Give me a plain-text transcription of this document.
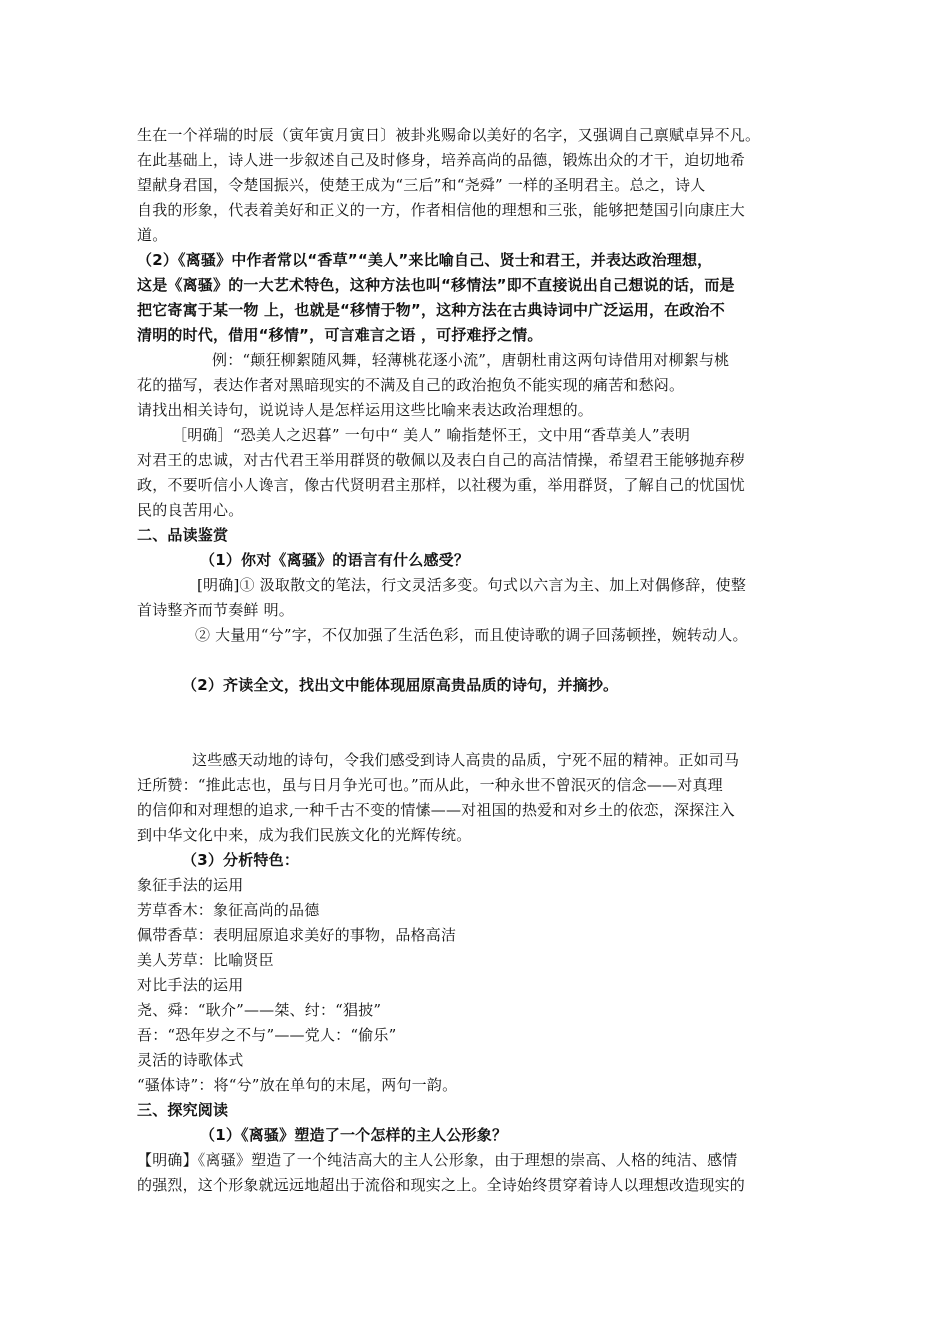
生在一个祥瑞的时辰（寅年寅月寅日〕被卦兆赐命以美好的名字，又强调自己禀赋卓异不凡。
在此基础上，诗人进一步叙述自己及时修身，培养高尚的品德，锻炼出众的才干，迫切地希
望献身君国，令楚国振兴，使楚王成为“三后”和“尧舜” 一样的圣明君主。总之，诗人
自我的形象，代表着美好和正义的一方，作者相信他的理想和三张，能够把楚国引向康庄大
道。
（2）《离骚》中作者常以“香草”“美人”来比喻自己、贤士和君王，并表达政治理想，
这是《离骚》的一大艺术特色，这种方法也叫“移情法”即不直接说出自己想说的话，而是
把它寄寓于某一物 上，也就是“移情于物”，这种方法在古典诗词中广泛运用，在政治不
清明的时代，借用“移情”，可言难言之语 ，可抒难抒之情。
例：“颠狂柳絮随风舞，轻薄桃花逐小流”，唐朝杜甫这两句诗借用对柳絮与桃
花的描写，表达作者对黑暗现实的不满及自己的政治抱负不能实现的痛苦和愁闷。
请找出相关诗句，说说诗人是怎样运用这些比喻来表达政治理想的。
［明确］“恐美人之迟暮” 一句中“ 美人” 喻指楚怀王，文中用“香草美人”表明
对君王的忠诚，对古代君王举用群贤的敬佩以及表白自己的高洁情操，希望君王能够抛弃秽
政，不要听信小人谗言，像古代贤明君主那样，以社稷为重，举用群贤，了解自己的忧国忧
民的良苦用心。
二、品读鉴赏
（1）你对《离骚》的语言有什么感受？
[明确]① 汲取散文的笔法，行文灵活多变。句式以六言为主、加上对偶修辞，使整
首诗整齐而节奏鲜 明。
② 大量用“兮”字，不仅加强了生活色彩，而且使诗歌的调子回荡顿挫，婉转动人。
（2）齐读全文，找出文中能体现屈原高贵品质的诗句，并摘抄。
这些感天动地的诗句，令我们感受到诗人高贵的品质，宁死不屈的精神。正如司马
迁所赞：“推此志也，虽与日月争光可也。”而从此，一种永世不曾泯灭的信念——对真理
的信仰和对理想的追求,一种千古不变的情愫——对祖国的热爱和对乡土的依恋，深探注入
到中华文化中来，成为我们民族文化的光辉传统。
（3）分析特色：
象征手法的运用
芳草香木：象征高尚的品德
佩带香草：表明屈原追求美好的事物，品格高洁
美人芳草：比喻贤臣
对比手法的运用
尧、舜：“耿介”——桀、纣：“猖披”
吾：“恐年岁之不与”——党人：“偷乐”
灵活的诗歌体式
“骚体诗”：将“兮”放在单句的末尾，两句一韵。
三、探究阅读
（1）《离骚》塑造了一个怎样的主人公形象？
【明确】《离骚》塑造了一个纯洁高大的主人公形象，由于理想的崇高、人格的纯洁、感情
的强烈，这个形象就远远地超出于流俗和现实之上。全诗始终贯穿着诗人以理想改造现实的
